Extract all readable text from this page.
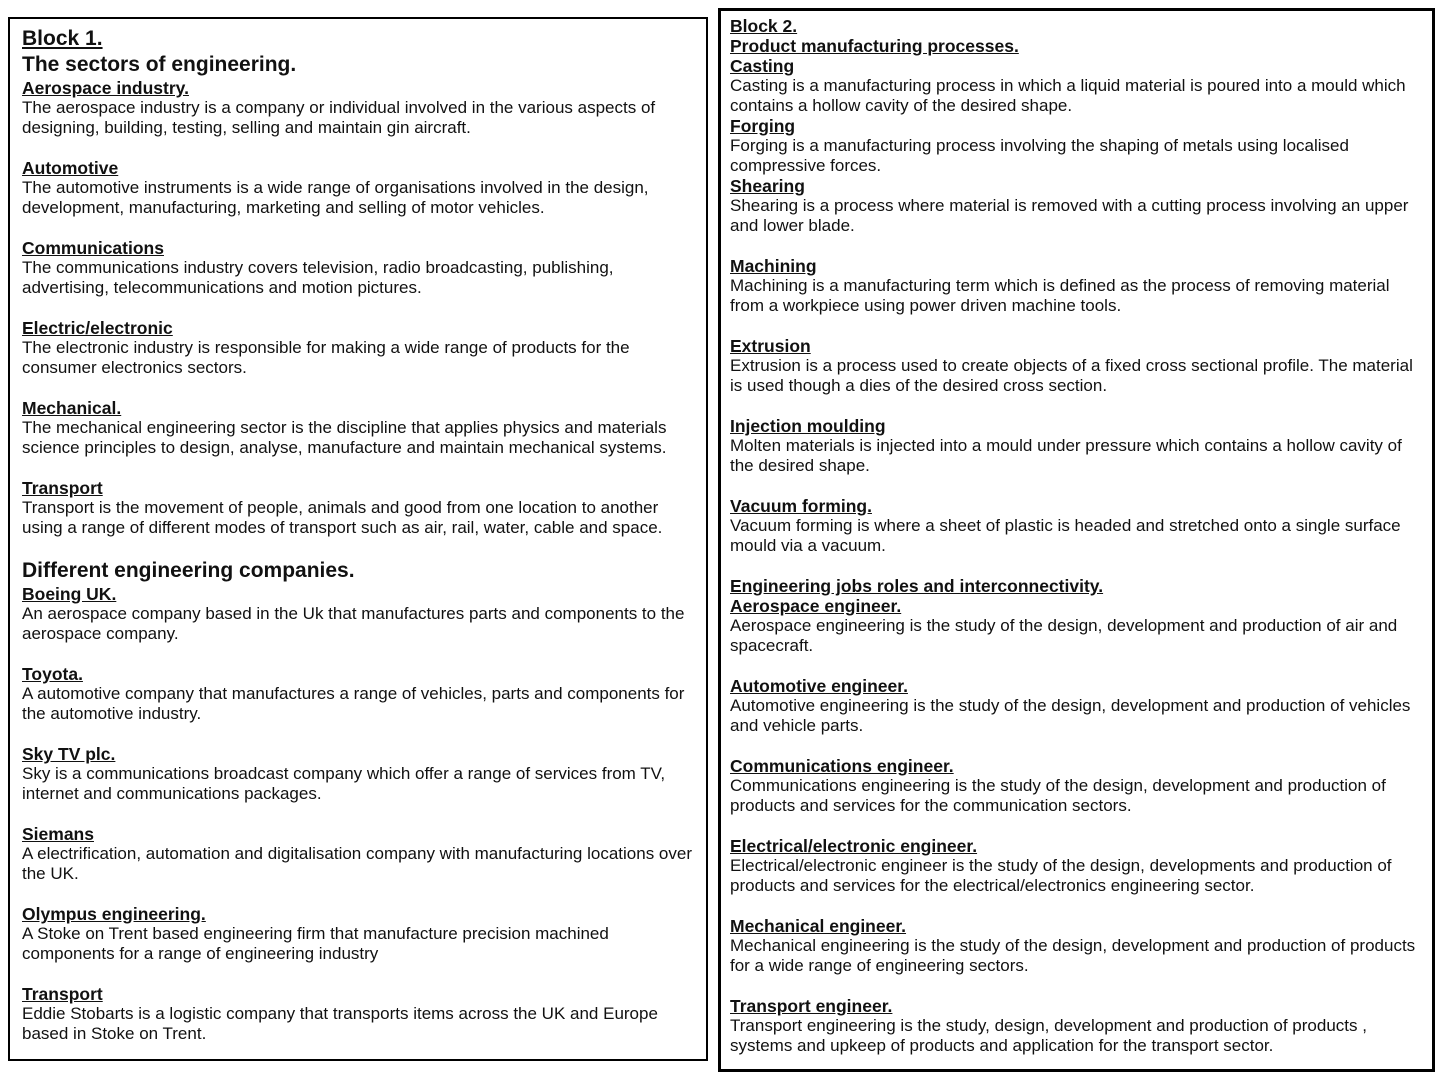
Block 1.
The sectors of engineering.
Aerospace industry.
The aerospace industry is a company or individual involved in the various aspects of designing, building, testing, selling and maintain gin aircraft.
Automotive
The automotive instruments is a wide range of organisations involved in the design, development, manufacturing, marketing and selling of motor vehicles.
Communications
The communications industry covers television, radio broadcasting, publishing, advertising, telecommunications and motion pictures.
Electric/electronic
The electronic industry is responsible for making a wide range of products for the consumer electronics sectors.
Mechanical.
The mechanical engineering sector is the discipline that applies physics and materials science principles to design, analyse, manufacture and maintain mechanical systems.
Transport
Transport is the movement of people, animals and good from one location to another using a range of different modes of transport such as air, rail, water, cable and space.
Different engineering companies.
Boeing UK.
An aerospace company based in the Uk that manufactures parts and components to the aerospace company.
Toyota.
A automotive company that manufactures a range of vehicles, parts and components for the automotive industry.
Sky TV plc.
Sky is a communications broadcast company which offer a range of services from TV, internet and communications packages.
Siemans
A electrification, automation and digitalisation company with manufacturing locations over the UK.
Olympus engineering.
A Stoke on Trent based engineering firm that manufacture precision machined components for a range of engineering industry
Transport
Eddie Stobarts is a logistic company that transports items across the UK and Europe based in Stoke on Trent.
Block 2.
Product manufacturing processes.
Casting
Casting is a manufacturing process in which a liquid material is poured into a mould which contains a hollow cavity of the desired shape.
Forging
Forging is a manufacturing process involving the shaping of metals using localised compressive forces.
Shearing
Shearing is a process where material is removed with a cutting process involving an upper and lower blade.
Machining
Machining is a manufacturing term which is defined as the process of removing material from a workpiece using power driven machine tools.
Extrusion
Extrusion is a process used to create objects of a fixed cross sectional profile. The material is used though a dies of the desired cross section.
Injection moulding
Molten materials is injected into a mould under pressure which contains a hollow cavity of the desired shape.
Vacuum forming.
Vacuum forming is where a sheet of plastic is headed and stretched onto a single surface mould via a vacuum.
Engineering jobs roles and interconnectivity.
Aerospace engineer.
Aerospace engineering is the study of the design, development and production of air and spacecraft.
Automotive engineer.
Automotive engineering is the study of the design, development and production of vehicles and vehicle parts.
Communications engineer.
Communications engineering is the study of the design, development and production of products and services for the communication sectors.
Electrical/electronic engineer.
Electrical/electronic engineer is the study of the design, developments and production of products and services for the electrical/electronics engineering sector.
Mechanical engineer.
Mechanical engineering is the study of the design, development and production of products for a wide range of engineering sectors.
Transport engineer.
Transport engineering is the study, design, development and production of products , systems and upkeep of products and application for the transport sector.
